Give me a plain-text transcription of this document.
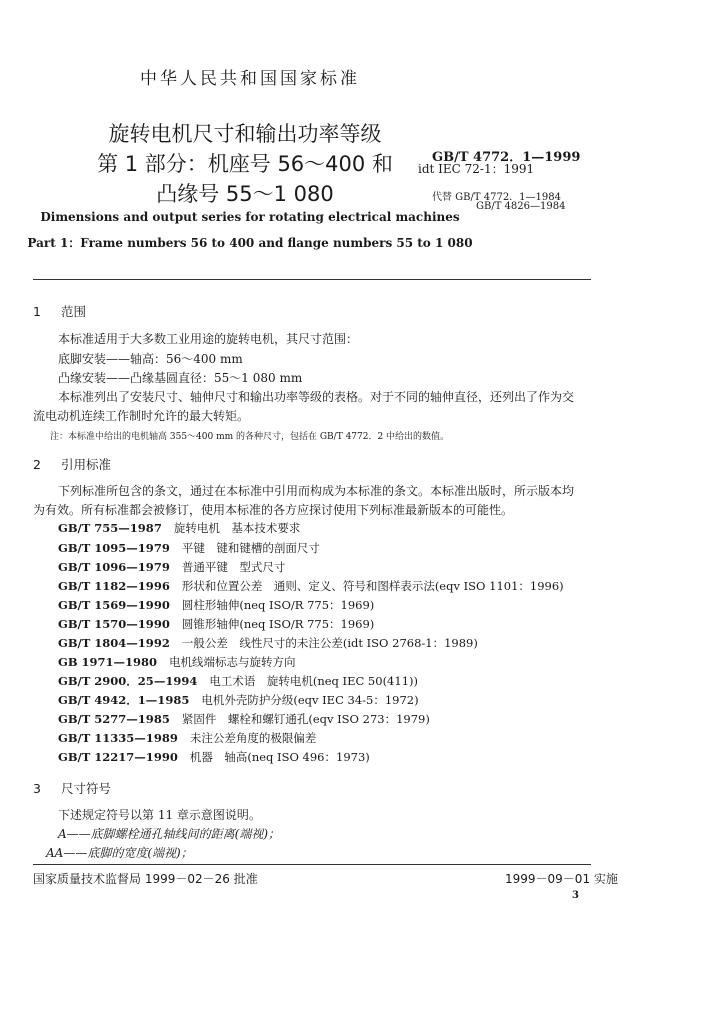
中华人民共和国国家标准
旋转电机尺寸和输出功率等级
第 1 部分：机座号 56～400 和
凸缘号 55～1 080
GB/T 4772．1—1999
idt IEC 72-1：1991
代替 GB/T 4772．1—1984
GB/T 4826—1984
Dimensions and output series for rotating electrical machines
Part 1：Frame numbers 56 to 400 and flange numbers 55 to 1 080
1 范围
本标准适用于大多数工业用途的旋转电机，其尺寸范围：
底脚安装——轴高：56～400 mm
凸缘安装——凸缘基圆直径：55～1 080 mm
本标准列出了安装尺寸、轴伸尺寸和输出功率等级的表格。对于不同的轴伸直径，还列出了作为交
流电动机连续工作制时允许的最大转矩。
注：本标准中给出的电机轴高 355～400 mm 的各种尺寸，包括在 GB/T 4772．2 中给出的数值。
2 引用标准
下列标准所包含的条文，通过在本标准中引用而构成为本标准的条文。本标准出版时，所示版本均
为有效。所有标准都会被修订，使用本标准的各方应探讨使用下列标准最新版本的可能性。
GB/T 755—1987 旋转电机　基本技术要求
GB/T 1095—1979 平键　键和键槽的剖面尺寸
GB/T 1096—1979 普通平键　型式尺寸
GB/T 1182—1996 形状和位置公差　通则、定义、符号和图样表示法(eqv ISO 1101：1996)
GB/T 1569—1990 圆柱形轴伸(neq ISO/R 775：1969)
GB/T 1570—1990 圆锥形轴伸(neq ISO/R 775：1969)
GB/T 1804—1992 一般公差　线性尺寸的未注公差(idt ISO 2768-1：1989)
GB 1971—1980 电机线端标志与旋转方向
GB/T 2900．25—1994 电工术语　旋转电机(neq IEC 50(411))
GB/T 4942．1—1985 电机外壳防护分级(eqv IEC 34-5：1972)
GB/T 5277—1985 紧固件　螺栓和螺钉通孔(eqv ISO 273：1979)
GB/T 11335—1989 未注公差角度的极限偏差
GB/T 12217—1990 机器　轴高(neq ISO 496：1973)
3 尺寸符号
下述规定符号以第 11 章示意图说明。
A——底脚螺栓通孔轴线间的距离(端视)；
AA——底脚的宽度(端视)；
国家质量技术监督局 1999－02－26 批准	1999－09－01 实施
3
